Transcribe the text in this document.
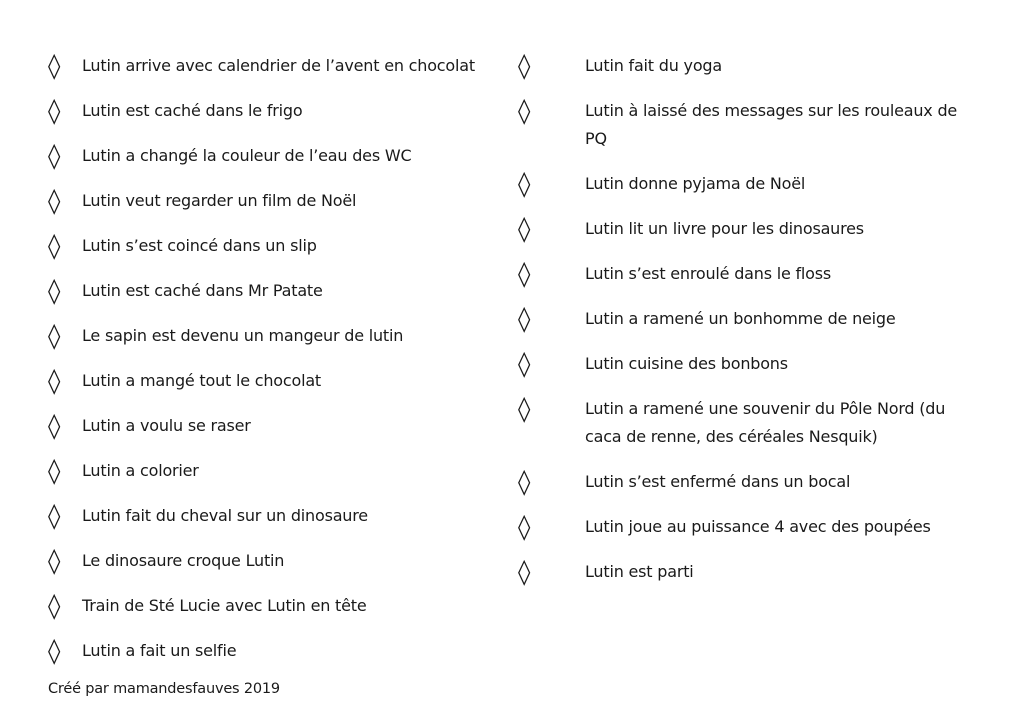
◊	Lutin arrive avec calendrier de l’avent en chocolat
◊	Lutin est caché dans le frigo
◊	Lutin a changé la couleur de l’eau des WC
◊	Lutin veut regarder un film de Noël
◊	Lutin s’est coincé dans un slip
◊	Lutin est caché dans Mr Patate
◊	Le sapin est devenu un mangeur de lutin
◊	Lutin a mangé tout le chocolat
◊	Lutin a voulu se raser
◊	Lutin a colorier
◊	Lutin fait du cheval sur un dinosaure
◊	Le dinosaure croque Lutin
◊	Train de Sté Lucie avec Lutin en tête
◊	Lutin a fait un selfie
◊	Lutin fait du yoga
◊	Lutin à laissé des messages sur les rouleaux de PQ
◊	Lutin donne pyjama de Noël
◊	Lutin lit un livre pour les dinosaures
◊	Lutin s’est enroulé dans le floss
◊	Lutin a ramené un bonhomme de neige
◊	Lutin cuisine des bonbons
◊	Lutin a ramené une souvenir du Pôle Nord (du caca de renne, des céréales Nesquik)
◊	Lutin s’est enfermé dans un bocal
◊	Lutin joue au puissance 4 avec des poupées
◊	Lutin est parti
Créé par mamandesfauves 2019
